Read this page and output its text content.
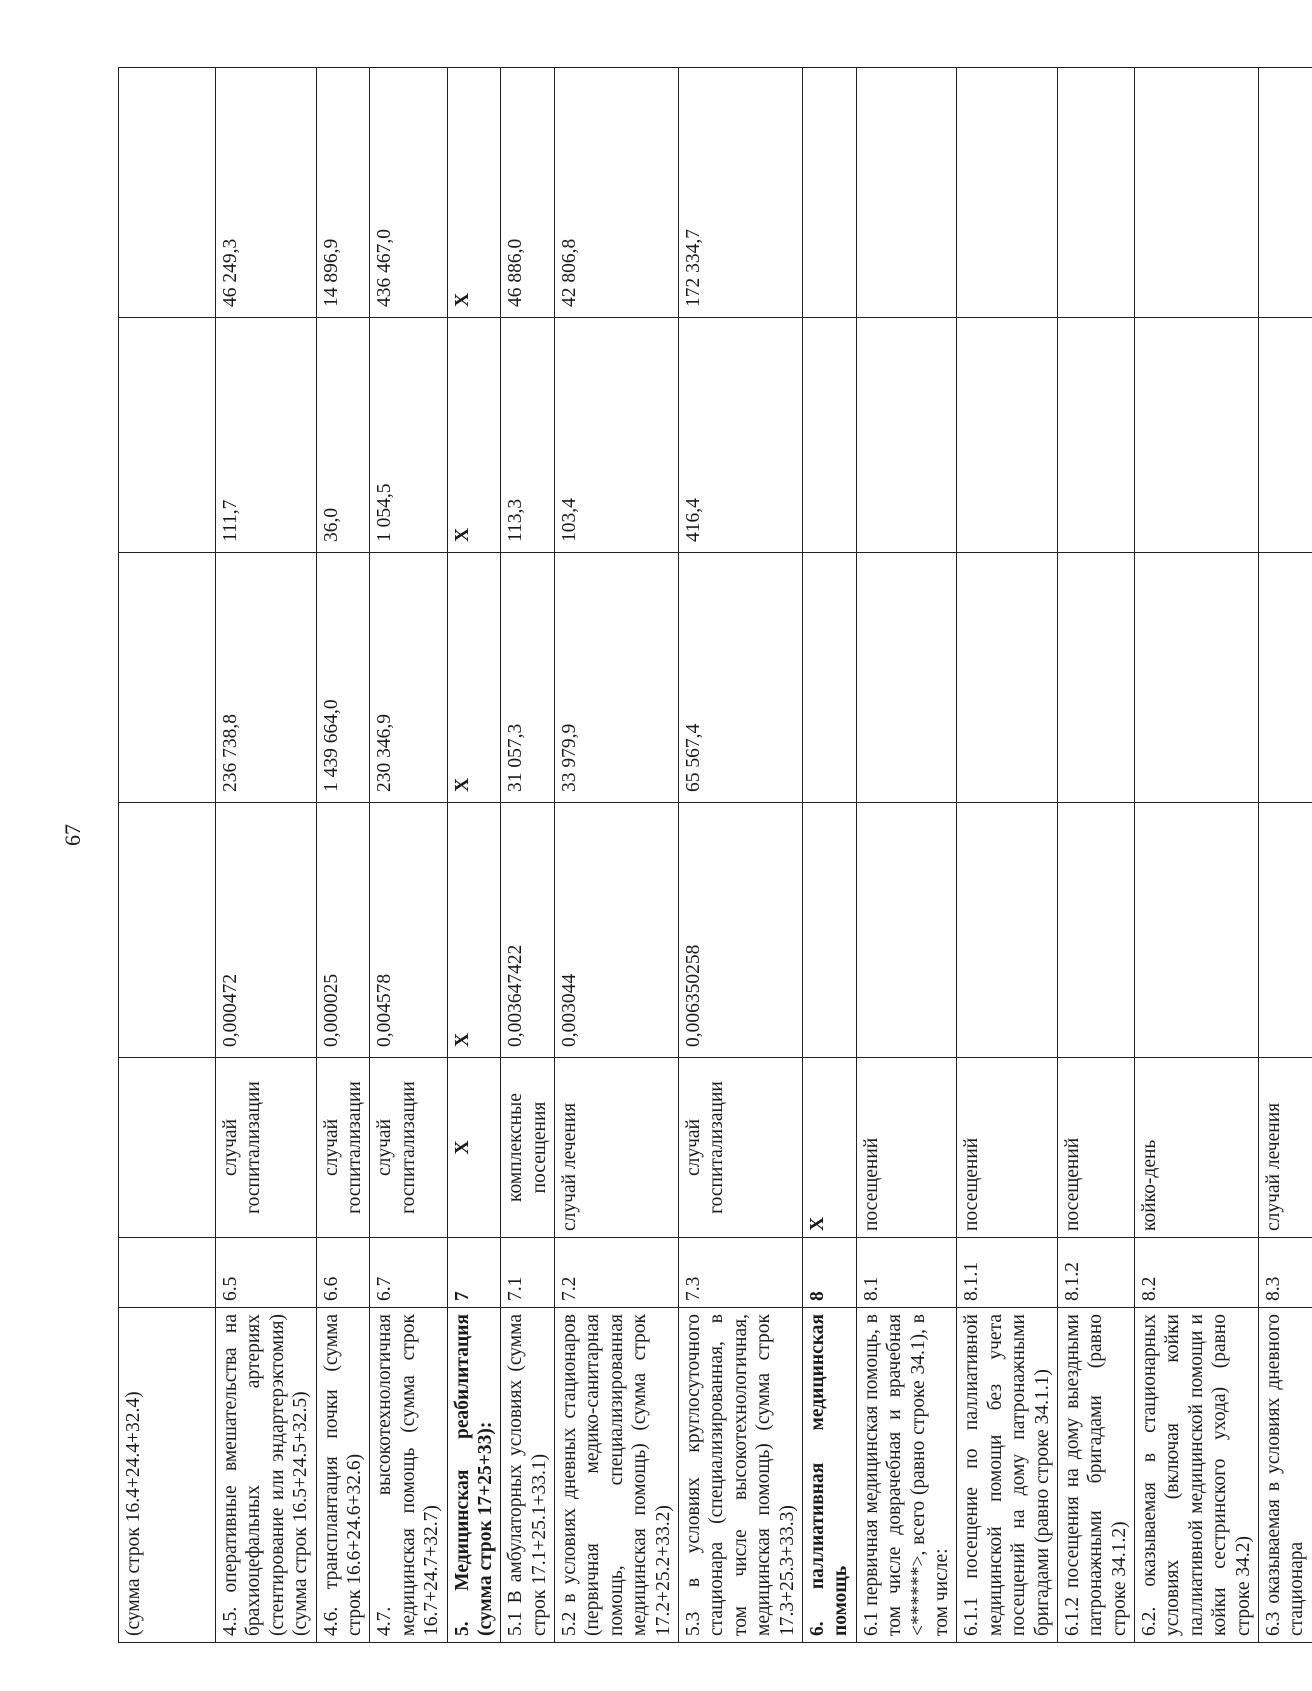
67
(сумма строк 16.4+24.4+32.4)						
4.5. оперативные вмешательства на брахиоцефальных артериях (стентирование или эндартерэктомия) (сумма строк 16.5+24.5+32.5)	6.5	случай госпитализации	0,000472	236 738,8	111,7	46 249,3
4.6. трансплантация почки (сумма строк 16.6+24.6+32.6)	6.6	случай госпитализации	0,000025	1 439 664,0	36,0	14 896,9
4.7. высокотехнологичная медицинская помощь (сумма строк 16.7+24.7+32.7)	6.7	случай госпитализации	0,004578	230 346,9	1 054,5	436 467,0
5. Медицинская реабилитация (сумма строк 17+25+33):	7	X	X	X	X	X
5.1 В амбулаторных условиях (сумма строк 17.1+25.1+33.1)	7.1	комплексные посещения	0,003647422	31 057,3	113,3	46 886,0
5.2 в условиях дневных стационаров (первичная медико-санитарная помощь, специализированная медицинская помощь) (сумма строк 17.2+25.2+33.2)	7.2	случай лечения	0,003044	33 979,9	103,4	42 806,8
5.3 в условиях круглосуточного стационара (специализированная, в том числе высокотехнологичная, медицинская помощь) (сумма строк 17.3+25.3+33.3)	7.3	случай госпитализации	0,00635025​8	65 567,4	416,4	172 334,7
6. паллиативная медицинская помощь	8	X				
6.1 первичная медицинская помощь, в том числе доврачебная и врачебная <******>, всего (равно строке 34.1), в том числе:	8.1	посещений				
6.1.1 посещение по паллиативной медицинской помощи без учета посещений на дому патронажными бригадами (равно строке 34.1.1)	8.1.1	посещений				
6.1.2 посещения на дому выездными патронажными бригадами (равно строке 34.1.2)	8.1.2	посещений				
6.2. оказываемая в стационарных условиях (включая койки паллиативной медицинской помощи и койки сестринского ухода) (равно строке 34.2)	8.2	койко-день				
6.3 оказываемая в условиях дневного стационара	8.3	случай лечения				
